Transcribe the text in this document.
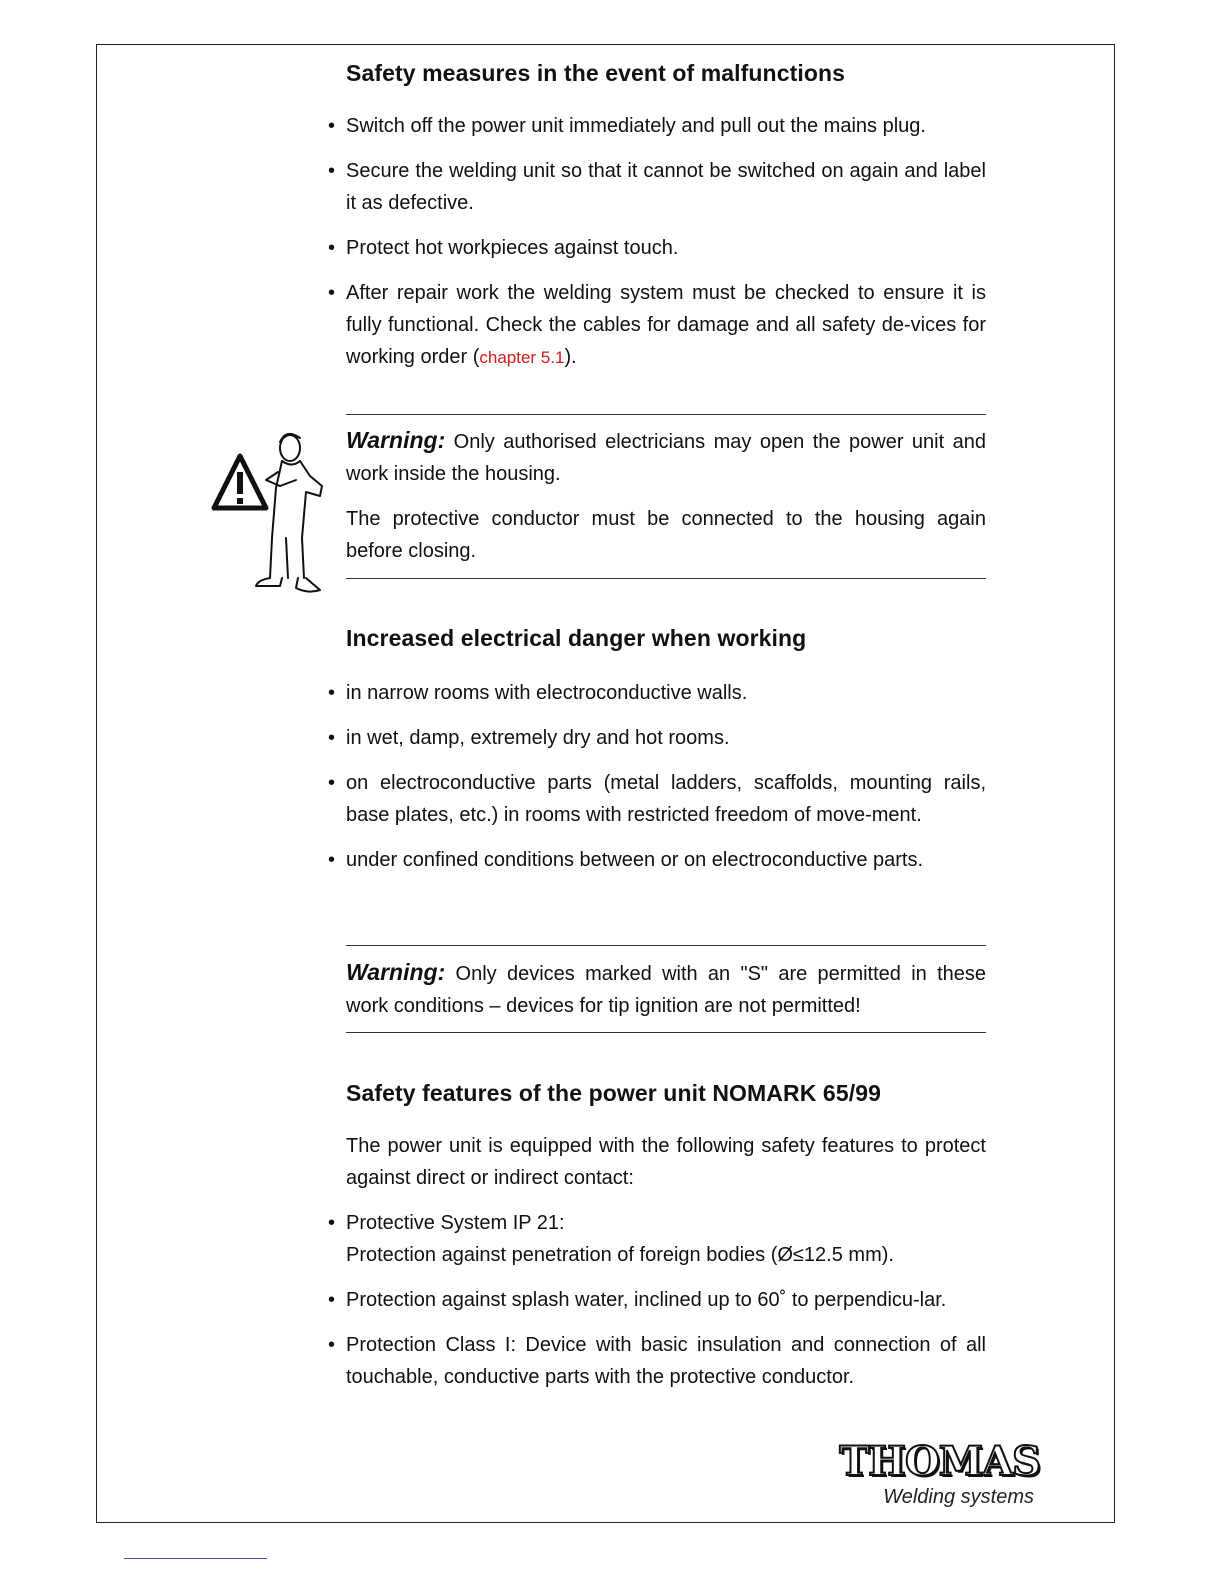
Safety measures in the event of malfunctions
• Switch off the power unit immediately and pull out the mains plug.
• Secure the welding unit so that it cannot be switched on again and label it as defective.
• Protect hot workpieces against touch.
• After repair work the welding system must be checked to ensure it is fully functional. Check the cables for damage and all safety de-vices for working order (chapter 5.1).
Warning: Only authorised electricians may open the power unit and work inside the housing.
The protective conductor must be connected to the housing again before closing.
Increased electrical danger when working
• in narrow rooms with electroconductive walls.
• in wet, damp, extremely dry and hot rooms.
• on electroconductive parts (metal ladders, scaffolds, mounting rails, base plates, etc.) in rooms with restricted freedom of move-ment.
• under confined conditions between or on electroconductive parts.
Warning: Only devices marked with an "S" are permitted in these work conditions – devices for tip ignition are not permitted!
Safety features of the power unit NOMARK 65/99
The power unit is equipped with the following safety features to protect against direct or indirect contact:
• Protective System IP 21:
Protection against penetration of foreign bodies (Ø≤12.5 mm).
• Protection against splash water, inclined up to 60˚ to perpendicu-lar.
• Protection Class I: Device with basic insulation and connection of all touchable, conductive parts with the protective conductor.
THOMAS
Welding systems
